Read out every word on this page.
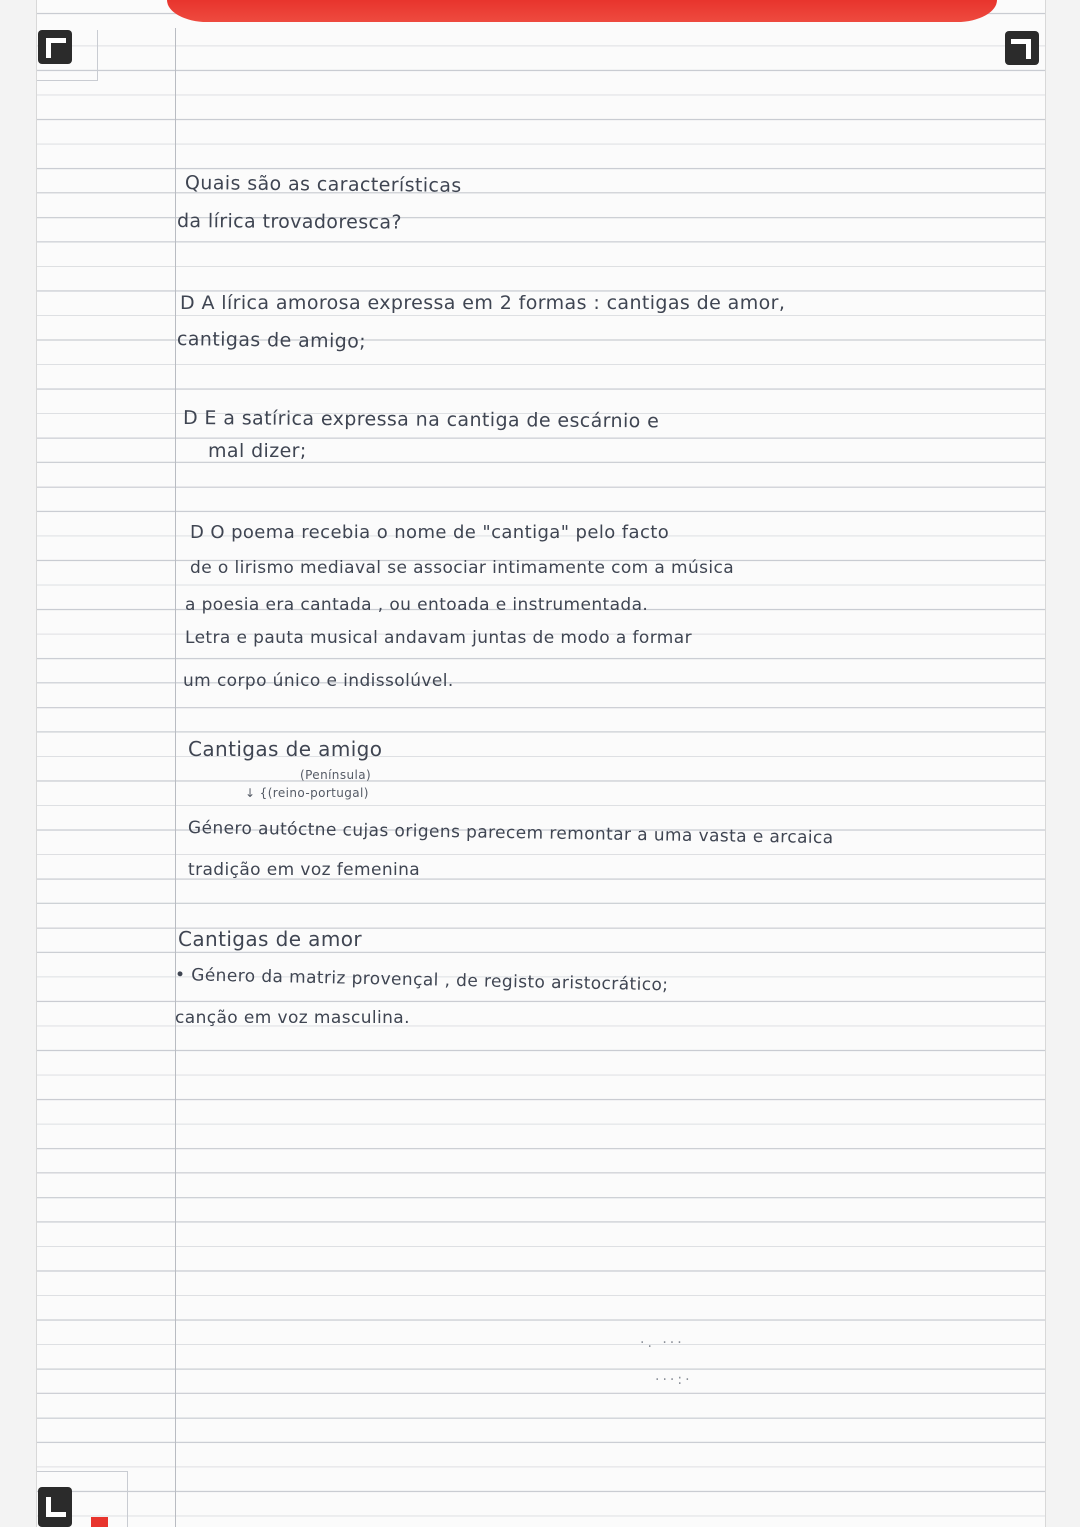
Quais são as características
da lírica trovadoresca?
D A lírica amorosa expressa em 2 formas : cantigas de amor,
cantigas de amigo;
D E a satírica expressa na cantiga de escárnio e
mal dizer;
D O poema recebia o nome de "cantiga" pelo facto
de o lirismo mediaval se associar intimamente com a música
a poesia era cantada , ou entoada e instrumentada.
Letra e pauta musical andavam juntas de modo a formar
um corpo único e indissolúvel.
Cantigas de amigo
(Península)
↓ {(reino-portugal)
Género autóctne cujas origens parecem remontar a uma vasta e arcaica
tradição em voz femenina
Cantigas de amor
• Género da matriz provençal , de registo aristocrático;
canção em voz masculina.
·. ···
···:·
